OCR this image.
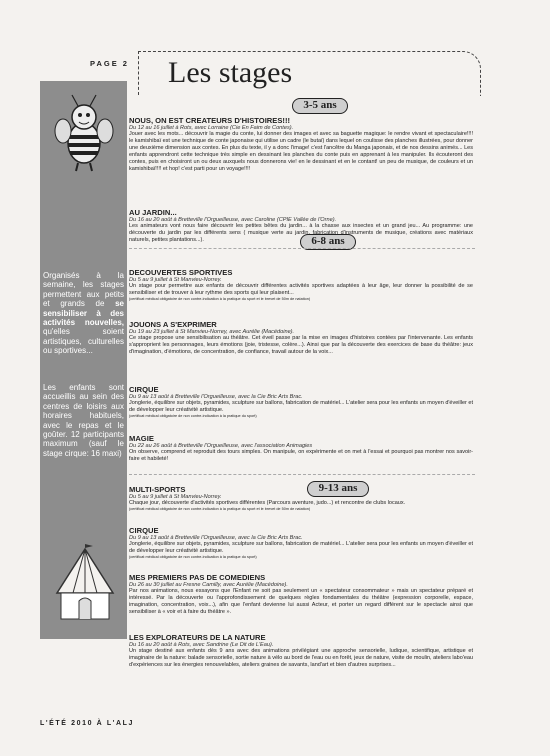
PAGE 2 Les stages
Organisés à la semaine, les stages permettent aux petits et grands de se sensibiliser à des activités nouvelles, qu'elles soient artistiques, culturelles ou sportives...
Les enfants sont accueillis au sein des centres de loisirs aux horaires habituels, avec le repas et le goûter. 12 participants maximum (sauf le stage cirque: 16 maxi)
3-5 ans
6-8 ans
9-13 ans
NOUS, ON EST CREATEURS D'HISTOIRES!!!
Du 12 au 16 juillet à Rots, avec Lorraine (Cie En Faim de Contes).
Jouer avec les mots... découvrir la magie du conte, lui donner des images et avec sa baguette magique: le rendre vivant et spectaculaire!!!! le kamishibaï est une technique de conte japonaise qui utilise un cadre (le butaï) dans lequel on coulisse des planches illustrées, pour donner une deuxième dimension aux contes. En plus du texte, il y a donc l'image! c'est l'ancêtre du Manga japonais, et de nos dessins animés... Les enfants apprendront cette technique très simple en dessinant les planches du conte puis en apprenant à les manipuler. Ils écouteront des contes, puis en choisiront un ou deux auxquels nous donnerons vie! en le dessinant et en le contant! un peu de musique, de couleurs et un kamishibaï!!!! et hop! c'est parti pour un voyage!!!!
AU JARDIN...
Du 16 au 20 août à Bretteville l'Orgueilleuse, avec Caroline (CPIE Vallée de l'Orne).
Les animateurs vont nous faire découvrir les petites bêtes du jardin... à la chasse aux insectes et un grand jeu... Au programme: une découverte du jardin par les différents sens ( musique verte au jardin, fabrication d'instruments de musique, créations avec matériaux naturels, petites plantations...).
DECOUVERTES SPORTIVES
Du 5 au 9 juillet à St Manvieu-Norrey.
Un stage pour permettre aux enfants de découvrir différentes activités sportives adaptées à leur âge, leur donner la possibilité de se sensibiliser et de trouver à leur rythme des sports qui leur plaisent...
(certificat médical obligatoire de non contre-indication à la pratique du sport et le brevet de 50m de natation)
JOUONS A S'EXPRIMER
Du 19 au 23 juillet à St Manvieu-Norrey, avec Aurélie (Macédoine).
Ce stage propose une sensibilisation au théâtre. Cet éveil passe par la mise en images d'histoires contées par l'intervenante. Les enfants s'approprient les personnages, leurs émotions (joie, tristesse, colère...). Ainsi que par la découverte des exercices de base du théâtre: jeux d'imagination, d'émotions, de concentration, de confiance, travail autour de la voix...
CIRQUE
Du 9 au 13 août à Bretteville l'Orgueilleuse, avec la Cie Bric Arts Brac.
Jonglerie, équilibre sur objets, pyramides, sculpture sur ballons, fabrication de matériel... L'atelier sera pour les enfants un moyen d'éveiller et de développer leur créativité artistique.
(certificat médical obligatoire de non contre-indication à la pratique du sport)
MAGIE
Du 22 au 26 août à Bretteville l'Orgueilleuse, avec l'association Animagies
On observe, comprend et reproduit des tours simples. On manipule, on expérimente et on met à l'essai et pourquoi pas montrer nos savoir-faire et habileté!
MULTI-SPORTS
Du 5 au 9 juillet à St Manvieu-Norrey.
Chaque jour, découverte d'activités sportives différentes (Parcours aventure, judo...) et rencontre de clubs locaux.
(certificat médical obligatoire de non contre-indication à la pratique du sport et le brevet de 50m de natation)
CIRQUE
Du 9 au 13 août à Bretteville l'Orgueilleuse, avec la Cie Bric Arts Brac.
Jonglerie, équilibre sur objets, pyramides, sculpture sur ballons, fabrication de matériel... L'atelier sera pour les enfants un moyen d'éveiller et de développer leur créativité artistique.
(certificat médical obligatoire de non contre-indication à la pratique du sport)
MES PREMIERS PAS DE COMEDIENS
Du 26 au 30 juillet au Fresne Camilly, avec Aurélie (Macédoine).
Par nos animations, nous essayons que l'Enfant ne soit pas seulement un « spectateur consommateur » mais un spectateur préparé et intéressé. Par la découverte ou l'approfondissement de quelques règles fondamentales du théâtre (expression corporelle, espace, imagination, concentration, voix...), afin que l'enfant devienne lui aussi Acteur, et porter un regard différent sur le spectacle ainsi que sensibiliser à « voir et à faire du théâtre ».
LES EXPLORATEURS DE LA NATURE
Du 16 au 20 août à Rots, avec Sandrine (Le Dit de L'Eau).
Un stage destiné aux enfants dès 9 ans avec des animations privilégiant une approche sensorielle, ludique, scientifique, artistique et imaginaire de la nature: balade sensorielle, sortie nature à vélo au bord de l'eau ou en forêt, jeux de nature, visite de moulin, ateliers labo'eau d'expériences sur les énergies renouvelables, ateliers graines de savants, land'art et bien d'autres surprises...
L'ÉTÉ 2010 À L'ALJ
